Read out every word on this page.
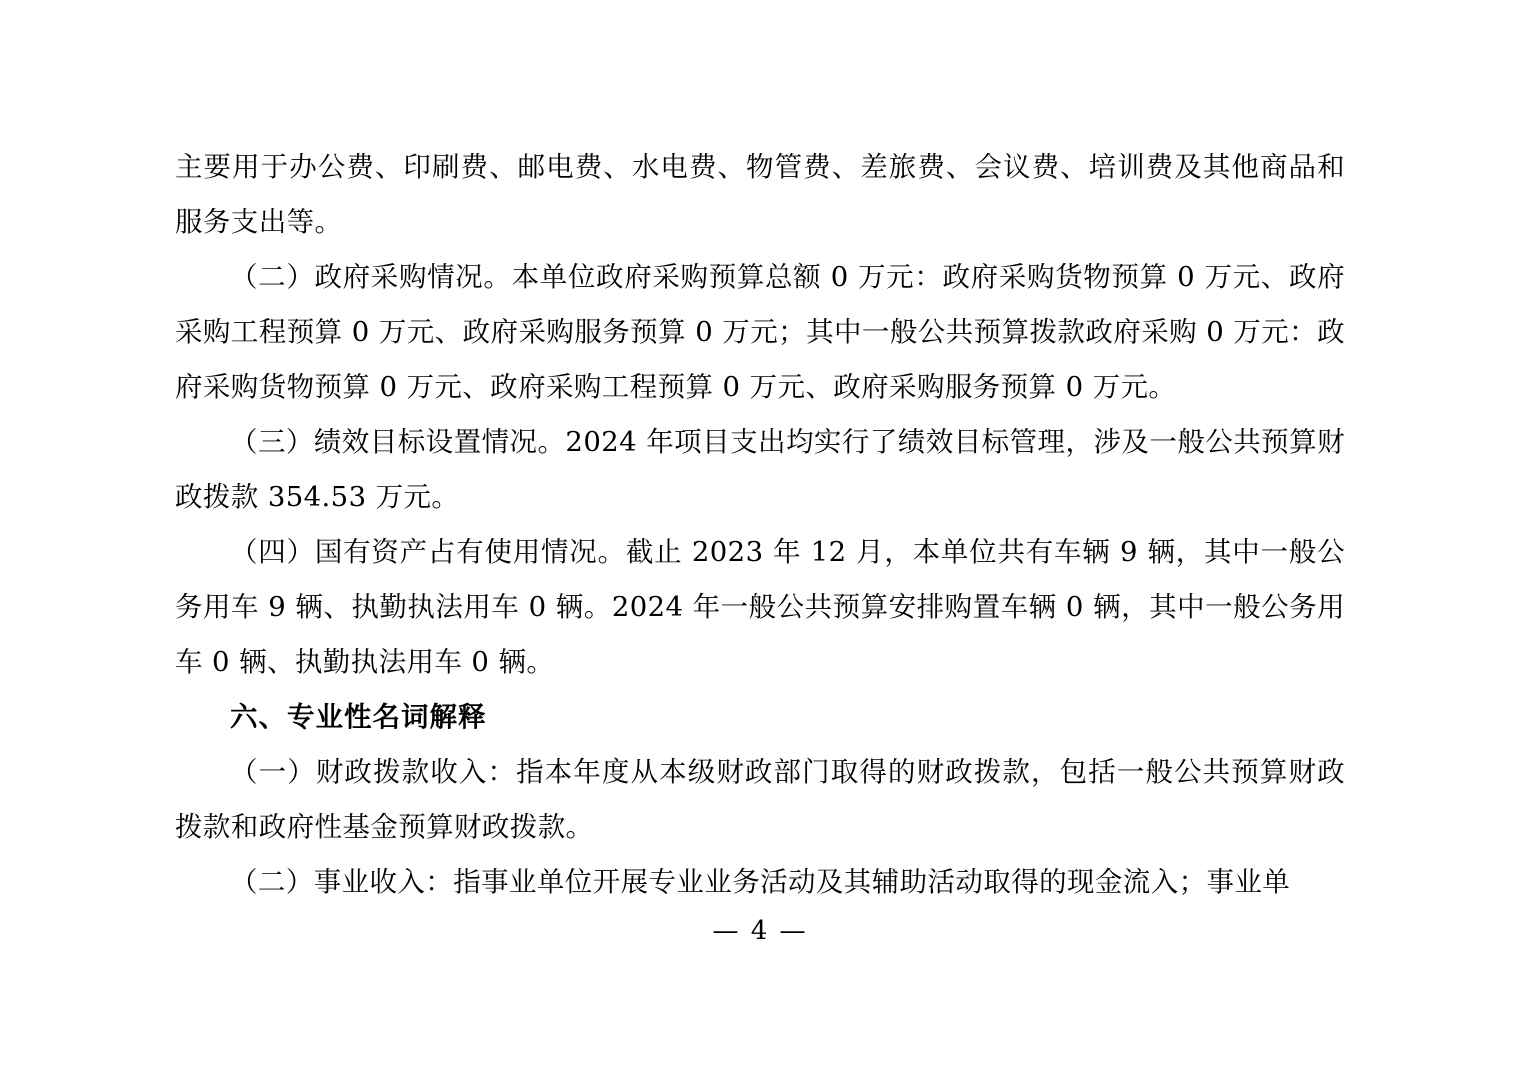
主要用于办公费、印刷费、邮电费、水电费、物管费、差旅费、会议费、培训费及其他商品和服务支出等。

（二）政府采购情况。本单位政府采购预算总额 0 万元：政府采购货物预算 0 万元、政府采购工程预算 0 万元、政府采购服务预算 0 万元；其中一般公共预算拨款政府采购 0 万元：政府采购货物预算 0 万元、政府采购工程预算 0 万元、政府采购服务预算 0 万元。

（三）绩效目标设置情况。2024 年项目支出均实行了绩效目标管理，涉及一般公共预算财政拨款 354.53 万元。

（四）国有资产占有使用情况。截止 2023 年 12 月，本单位共有车辆 9 辆，其中一般公务用车 9 辆、执勤执法用车 0 辆。2024 年一般公共预算安排购置车辆 0 辆，其中一般公务用车 0 辆、执勤执法用车 0 辆。

六、专业性名词解释

（一）财政拨款收入：指本年度从本级财政部门取得的财政拨款，包括一般公共预算财政拨款和政府性基金预算财政拨款。

（二）事业收入：指事业单位开展专业业务活动及其辅助活动取得的现金流入；事业单

— 4 —
